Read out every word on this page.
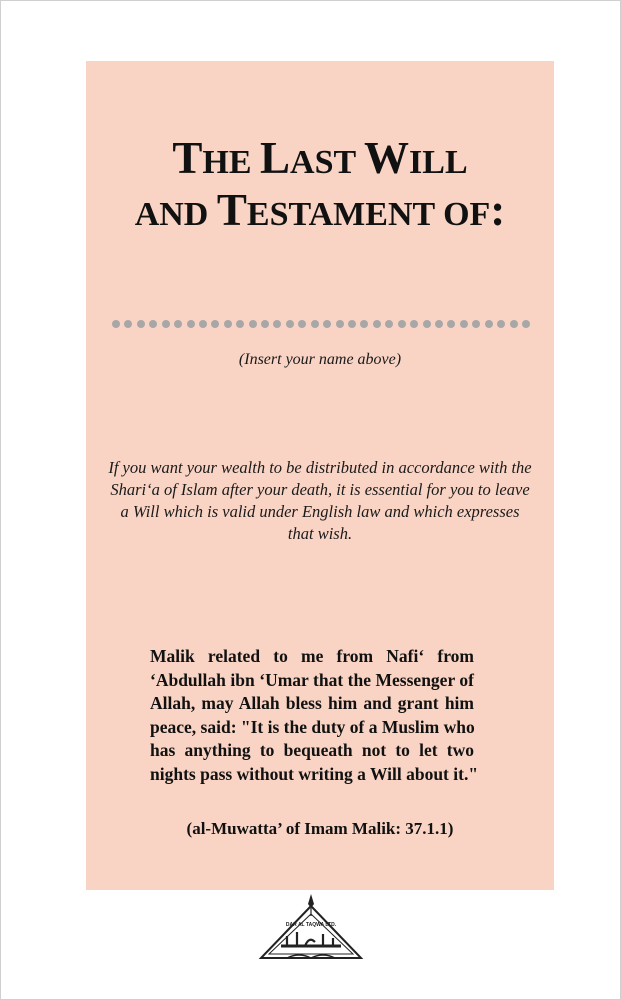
THE LAST WILL
AND TESTAMENT OF:
(Insert your name above)

If you want your wealth to be distributed in accordance with the Shari‘a of Islam after your death, it is essential for you to leave a Will which is valid under English law and which expresses that wish.

Malik related to me from Nafi‘ from
‘Abdullah ibn ‘Umar that the Messenger of
Allah, may Allah bless him and grant him
peace, said: "It is the duty of a Muslim who
has anything to bequeath not to let two
nights pass without writing a Will about it."

(al-Muwatta’ of Imam Malik: 37.1.1)
DAR AL TAQWA LTD.
